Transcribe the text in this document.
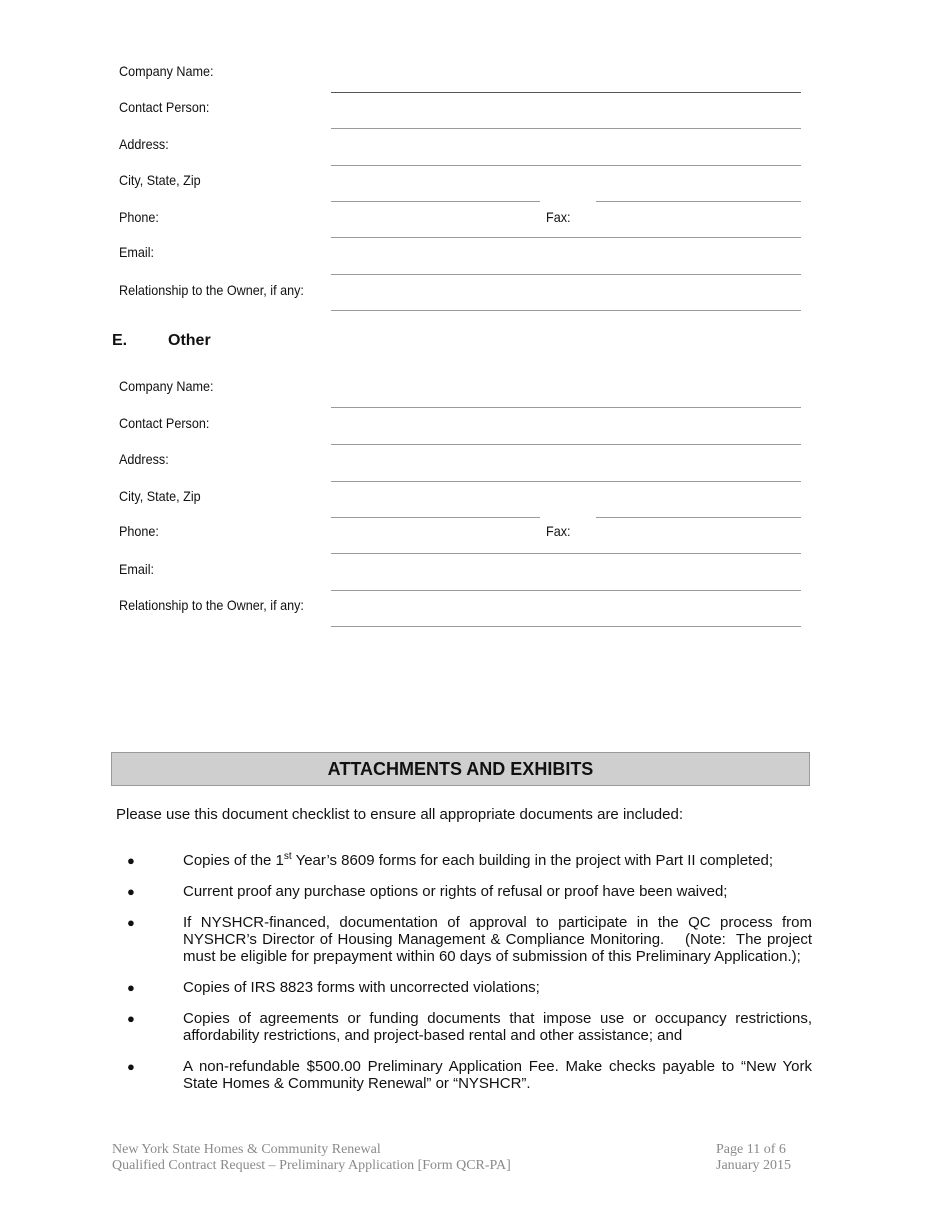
Company Name:
Contact Person:
Address:
City, State, Zip
Phone:	Fax:
Email:
Relationship to the Owner, if any:
E.	Other
Company Name:
Contact Person:
Address:
City, State, Zip
Phone:	Fax:
Email:
Relationship to the Owner, if any:
ATTACHMENTS AND EXHIBITS
Please use this document checklist to ensure all appropriate documents are included:
●	Copies of the 1st Year’s 8609 forms for each building in the project with Part II completed;
●	Current proof any purchase options or rights of refusal or proof have been waived;
●	If NYSHCR-financed, documentation of approval to participate in the QC process from NYSHCR’s Director of Housing Management & Compliance Monitoring.    (Note:  The project must be eligible for prepayment within 60 days of submission of this Preliminary Application.);
●	Copies of IRS 8823 forms with uncorrected violations;
●	Copies of agreements or funding documents that impose use or occupancy restrictions, affordability restrictions, and project-based rental and other assistance; and
●	A non-refundable $500.00 Preliminary Application Fee. Make checks payable to “New York State Homes & Community Renewal” or “NYSHCR”.
New York State Homes & Community Renewal
Qualified Contract Request – Preliminary Application [Form QCR-PA]
Page 11 of 6
January 2015
